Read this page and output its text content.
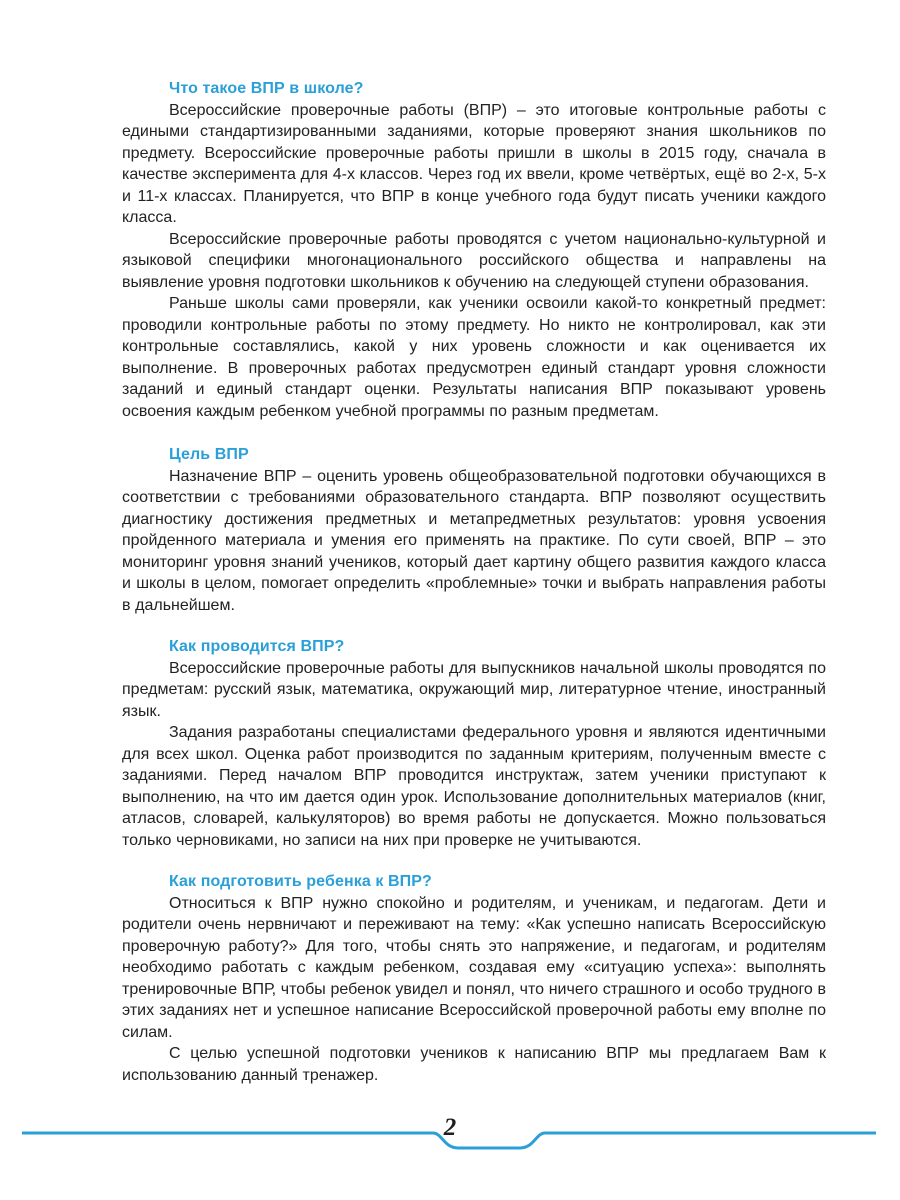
Что такое ВПР в школе?

Всероссийские проверочные работы (ВПР) – это итоговые контрольные работы с едиными стандартизированными заданиями, которые проверяют знания школьников по предмету. Всероссийские проверочные работы пришли в школы в 2015 году, сначала в качестве эксперимента для 4-х классов. Через год их ввели, кроме четвёртых, ещё во 2-х, 5-х и 11-х классах. Планируется, что ВПР в конце учебного года будут писать ученики каждого класса.

Всероссийские проверочные работы проводятся с учетом национально-культурной и языковой специфики многонационального российского общества и направлены на выявление уровня подготовки школьников к обучению на следующей ступени образования.

Раньше школы сами проверяли, как ученики освоили какой-то конкретный предмет: проводили контрольные работы по этому предмету. Но никто не контролировал, как эти контрольные составлялись, какой у них уровень сложности и как оценивается их выполнение. В проверочных работах предусмотрен единый стандарт уровня сложности заданий и единый стандарт оценки. Результаты написания ВПР показывают уровень освоения каждым ребенком учебной программы по разным предметам.

Цель ВПР

Назначение ВПР – оценить уровень общеобразовательной подготовки обучающихся в соответствии с требованиями образовательного стандарта. ВПР позволяют осуществить диагностику достижения предметных и метапредметных результатов: уровня усвоения пройденного материала и умения его применять на практике. По сути своей, ВПР – это мониторинг уровня знаний учеников, который дает картину общего развития каждого класса и школы в целом, помогает определить «проблемные» точки и выбрать направления работы в дальнейшем.

Как проводится ВПР?

Всероссийские проверочные работы для выпускников начальной школы проводятся по предметам: русский язык, математика, окружающий мир, литературное чтение, иностранный язык.

Задания разработаны специалистами федерального уровня и являются идентичными для всех школ. Оценка работ производится по заданным критериям, полученным вместе с заданиями. Перед началом ВПР проводится инструктаж, затем ученики приступают к выполнению, на что им дается один урок. Использование дополнительных материалов (книг, атласов, словарей, калькуляторов) во время работы не допускается. Можно пользоваться только черновиками, но записи на них при проверке не учитываются.

Как подготовить ребенка к ВПР?

Относиться к ВПР нужно спокойно и родителям, и ученикам, и педагогам. Дети и родители очень нервничают и переживают на тему: «Как успешно написать Всероссийскую проверочную работу?» Для того, чтобы снять это напряжение, и педагогам, и родителям необходимо работать с каждым ребенком, создавая ему «ситуацию успеха»: выполнять тренировочные ВПР, чтобы ребенок увидел и понял, что ничего страшного и особо трудного в этих заданиях нет и успешное написание Всероссийской проверочной работы ему вполне по силам.

С целью успешной подготовки учеников к написанию ВПР мы предлагаем Вам к использованию данный тренажер.

2
